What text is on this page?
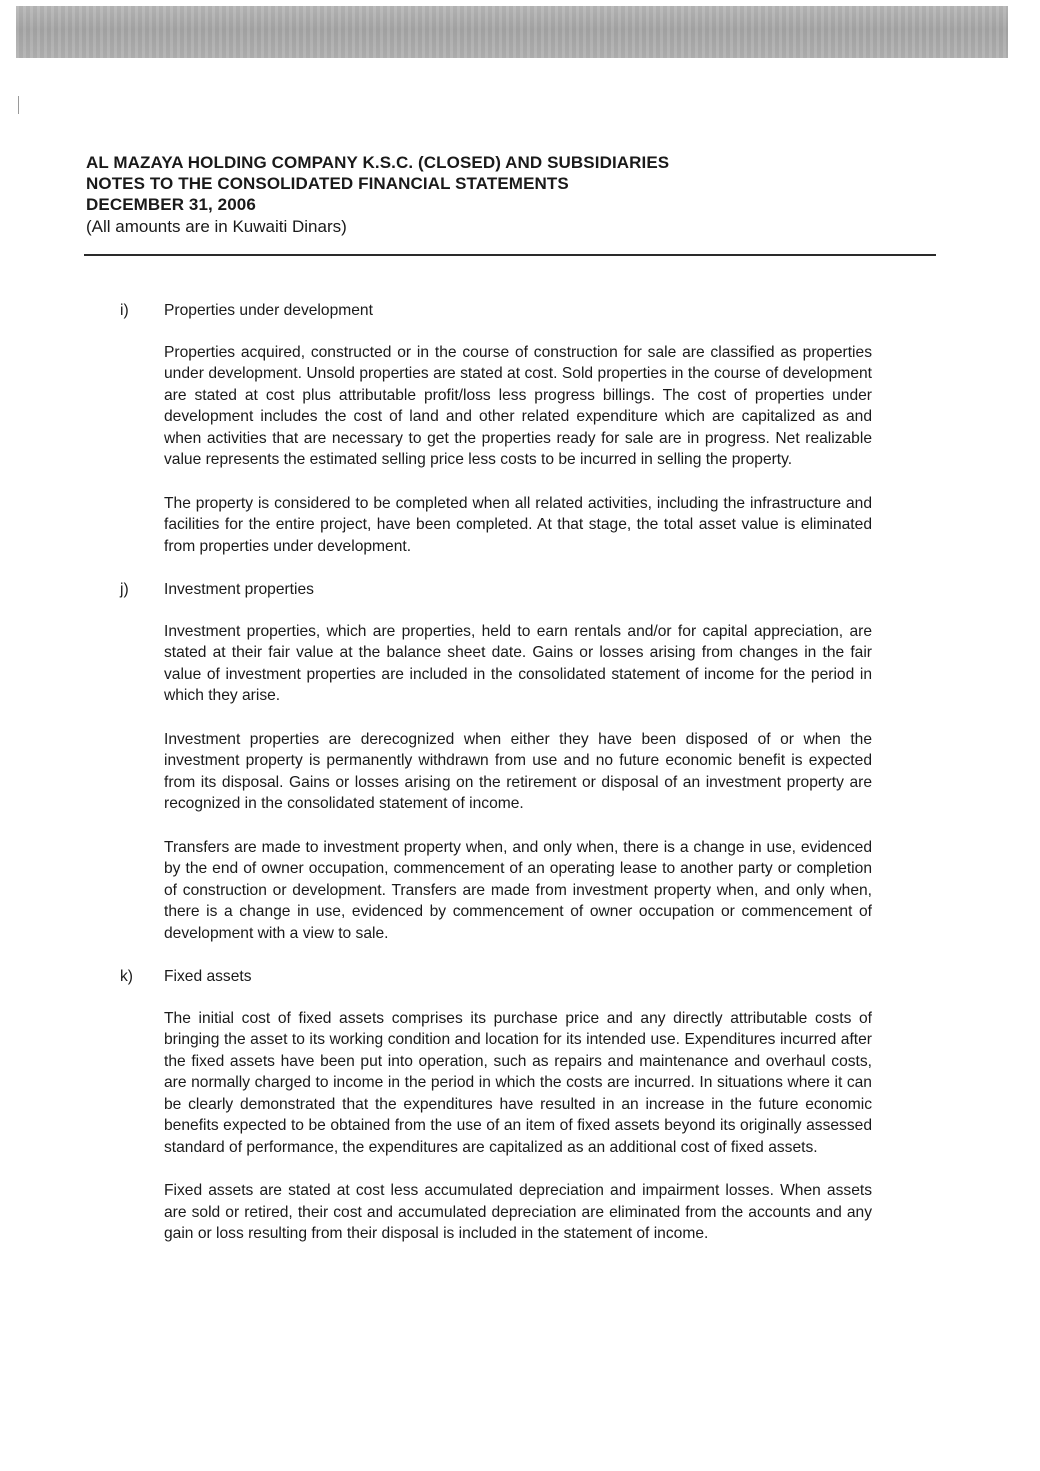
AL MAZAYA HOLDING COMPANY K.S.C. (CLOSED) AND SUBSIDIARIES
NOTES TO THE CONSOLIDATED FINANCIAL STATEMENTS
DECEMBER 31, 2006
(All amounts are in Kuwaiti Dinars)
i)	Properties under development

Properties acquired, constructed or in the course of construction for sale are classified as properties under development. Unsold properties are stated at cost. Sold properties in the course of development are stated at cost plus attributable profit/loss less progress billings. The cost of properties under development includes the cost of land and other related expenditure which are capitalized as and when activities that are necessary to get the properties ready for sale are in progress. Net realizable value represents the estimated selling price less costs to be incurred in selling the property.

The property is considered to be completed when all related activities, including the infrastructure and facilities for the entire project, have been completed. At that stage, the total asset value is eliminated from properties under development.

j)	Investment properties

Investment properties, which are properties, held to earn rentals and/or for capital appreciation, are stated at their fair value at the balance sheet date. Gains or losses arising from changes in the fair value of investment properties are included in the consolidated statement of income for the period in which they arise.

Investment properties are derecognized when either they have been disposed of or when the investment property is permanently withdrawn from use and no future economic benefit is expected from its disposal. Gains or losses arising on the retirement or disposal of an investment property are recognized in the consolidated statement of income.

Transfers are made to investment property when, and only when, there is a change in use, evidenced by the end of owner occupation, commencement of an operating lease to another party or completion of construction or development. Transfers are made from investment property when, and only when, there is a change in use, evidenced by commencement of owner occupation or commencement of development with a view to sale.

k)	Fixed assets

The initial cost of fixed assets comprises its purchase price and any directly attributable costs of bringing the asset to its working condition and location for its intended use. Expenditures incurred after the fixed assets have been put into operation, such as repairs and maintenance and overhaul costs, are normally charged to income in the period in which the costs are incurred. In situations where it can be clearly demonstrated that the expenditures have resulted in an increase in the future economic benefits expected to be obtained from the use of an item of fixed assets beyond its originally assessed standard of performance, the expenditures are capitalized as an additional cost of fixed assets.

Fixed assets are stated at cost less accumulated depreciation and impairment losses. When assets are sold or retired, their cost and accumulated depreciation are eliminated from the accounts and any gain or loss resulting from their disposal is included in the statement of income.
